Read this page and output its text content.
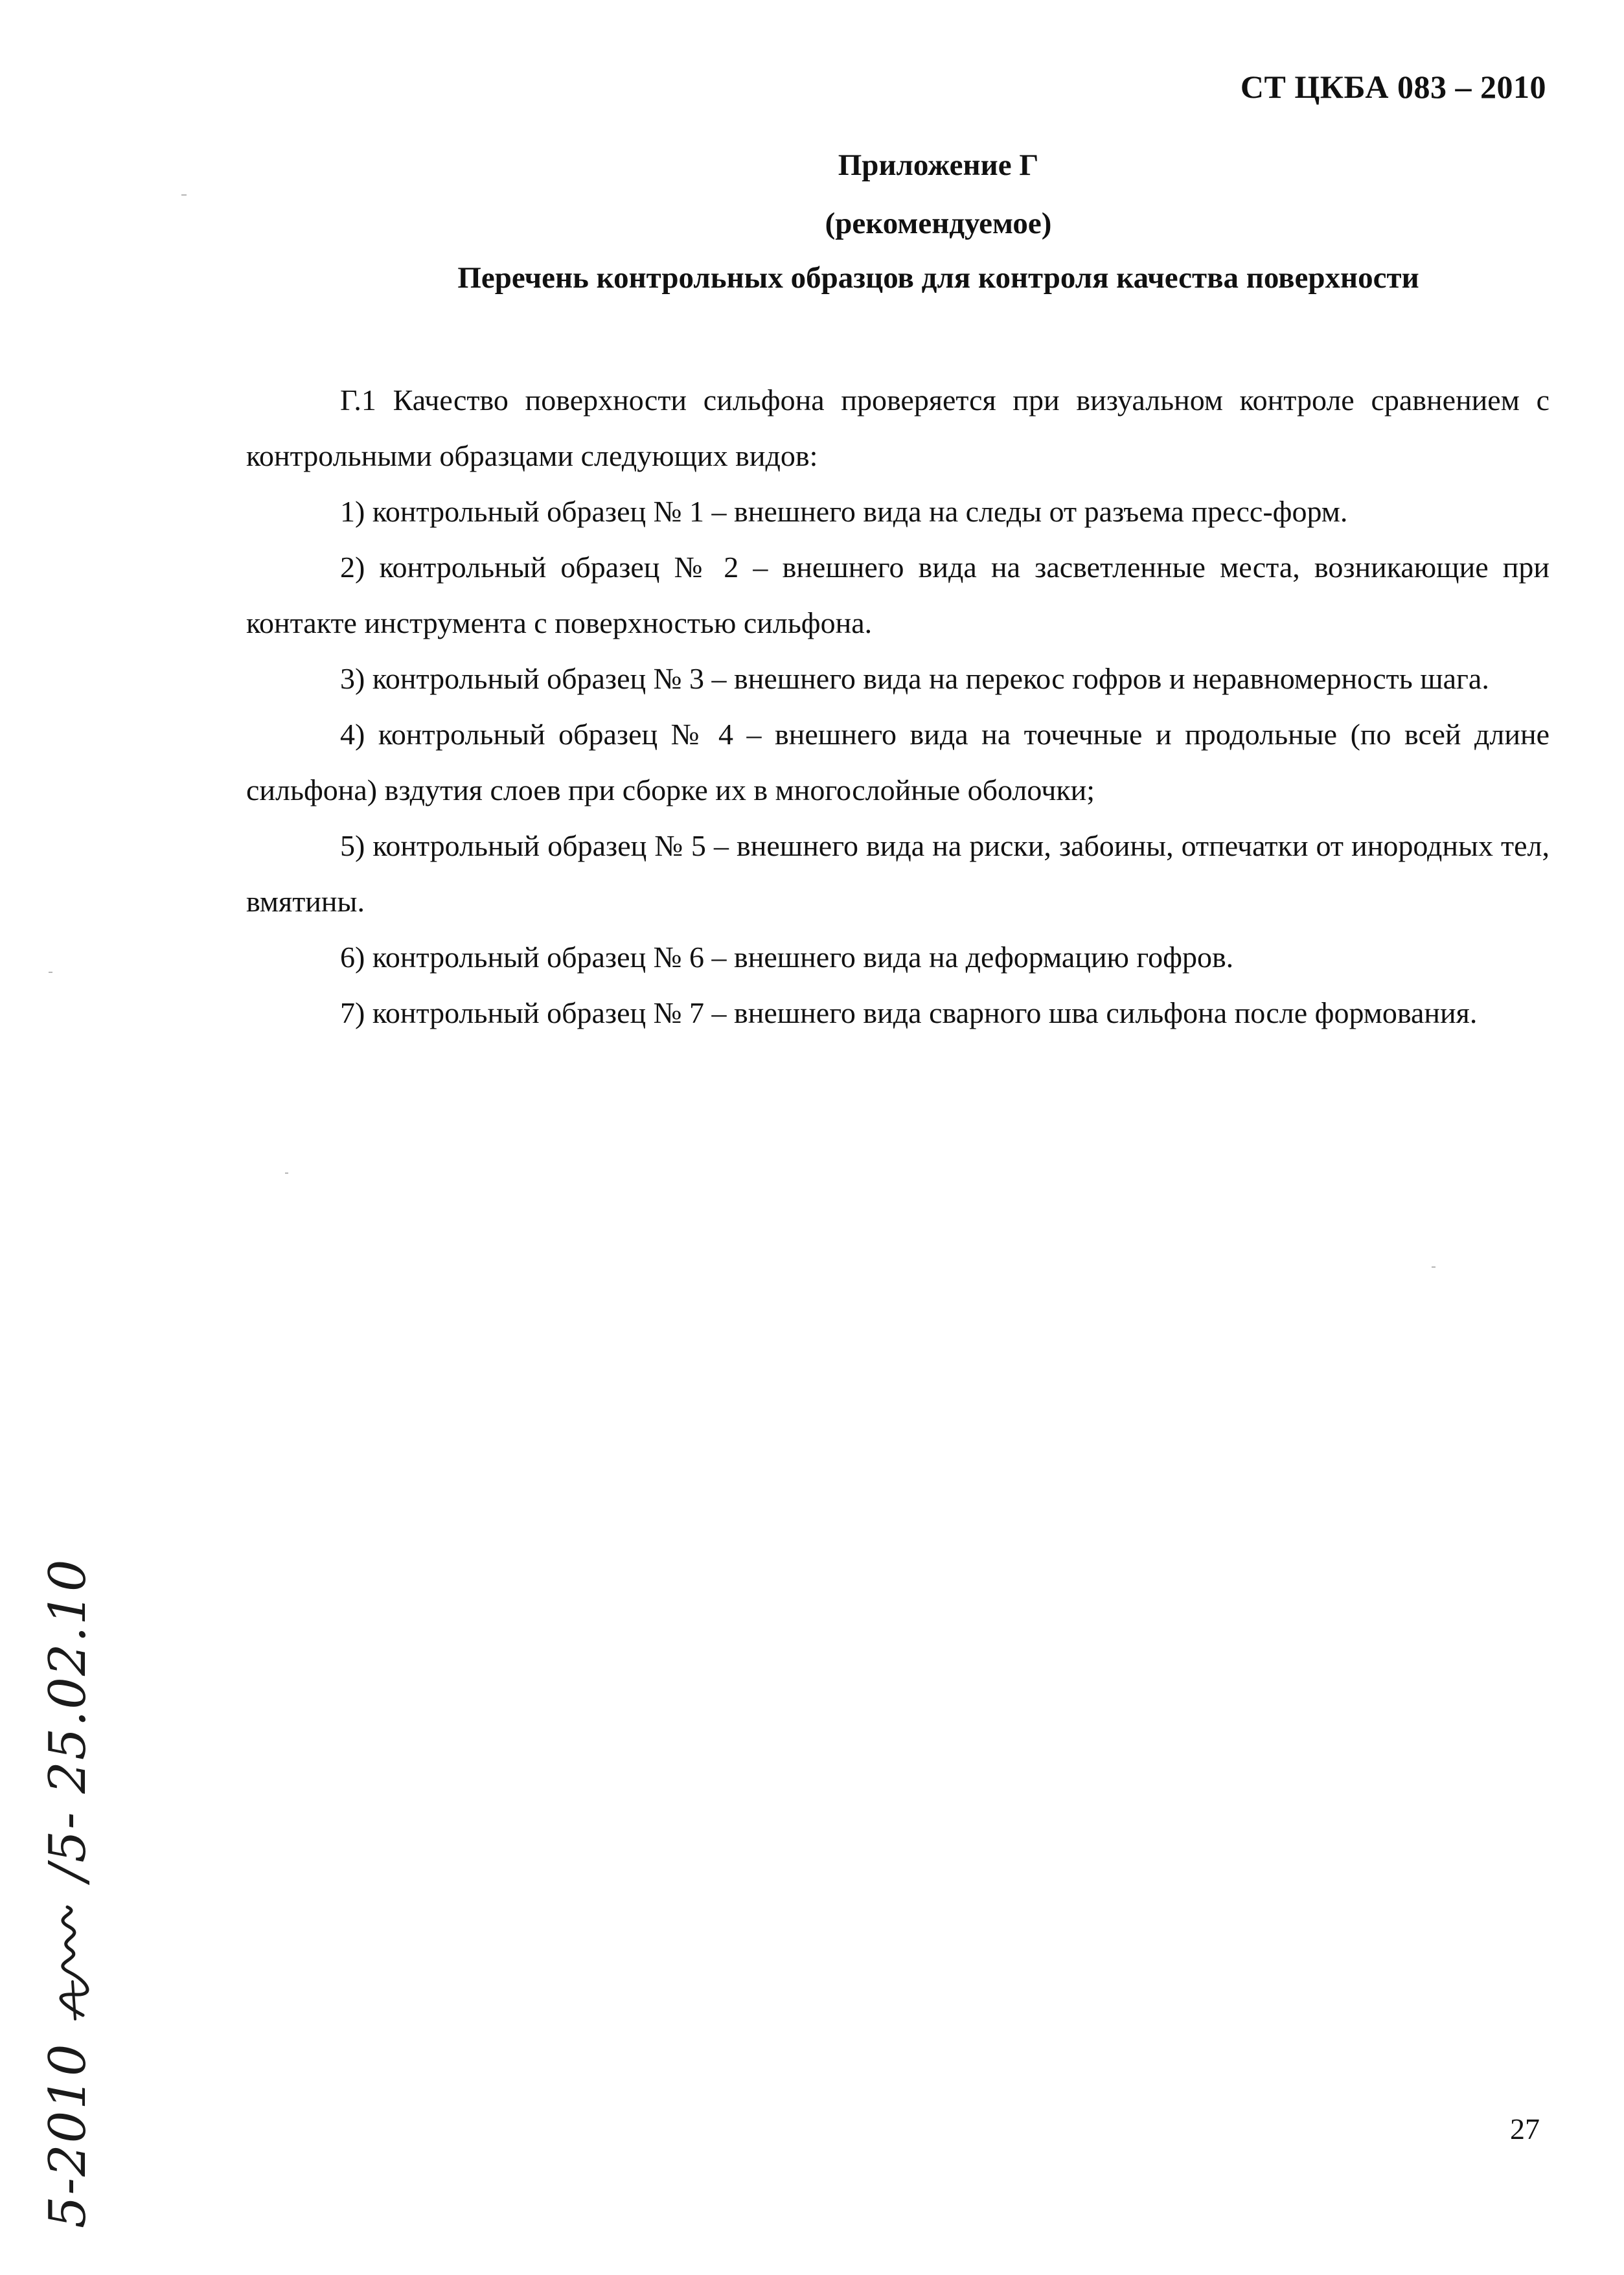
СТ ЦКБА 083 – 2010
Приложение Г
(рекомендуемое)
Перечень контрольных образцов для контроля качества поверхности

Г.1 Качество поверхности сильфона проверяется при визуальном контроле сравнением с контрольными образцами следующих видов:

1) контрольный образец № 1 – внешнего вида на следы от разъема пресс-форм.

2) контрольный образец № 2 – внешнего вида на засветленные места, возникающие при контакте инструмента с поверхностью сильфона.

3) контрольный образец № 3 – внешнего вида на перекос гофров и неравномерность шага.

4) контрольный образец № 4 – внешнего вида на точечные и продольные (по всей длине сильфона) вздутия слоев при сборке их в многослойные оболочки;

5) контрольный образец № 5 – внешнего вида на риски, забоины, отпечатки от инородных тел, вмятины.

6) контрольный образец № 6 – внешнего вида на деформацию гофров.

7) контрольный образец № 7 – внешнего вида сварного шва сильфона после формования.

27
5-2010  /5- 25.02.10
